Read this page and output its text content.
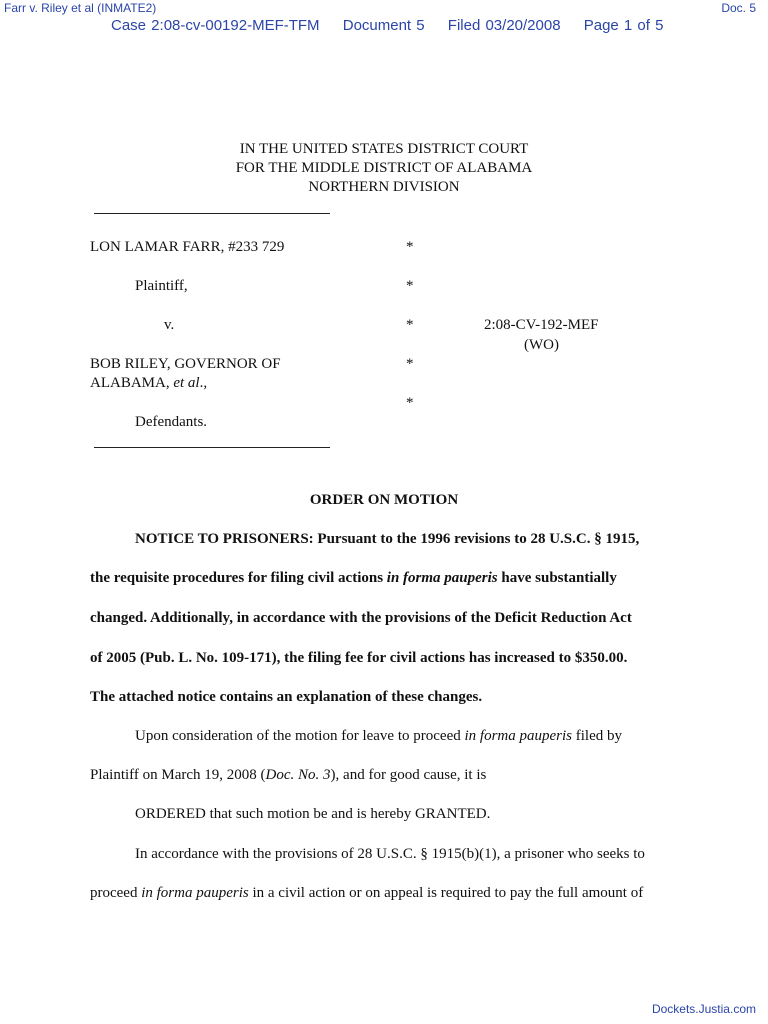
Farr v. Riley et al (INMATE2)	Doc. 5
Case 2:08-cv-00192-MEF-TFM Document 5 Filed 03/20/2008 Page 1 of 5
IN THE UNITED STATES DISTRICT COURT
FOR THE MIDDLE DISTRICT OF ALABAMA
NORTHERN DIVISION
LON LAMAR FARR, #233 729	*
Plaintiff,	*
v.	*	2:08-CV-192-MEF
(WO)
BOB RILEY, GOVERNOR OF	*
ALABAMA, et al.,
*
Defendants.
ORDER ON MOTION
NOTICE TO PRISONERS: Pursuant to the 1996 revisions to 28 U.S.C. § 1915,
the requisite procedures for filing civil actions in forma pauperis have substantially
changed. Additionally, in accordance with the provisions of the Deficit Reduction Act
of 2005 (Pub. L. No. 109-171), the filing fee for civil actions has increased to $350.00.
The attached notice contains an explanation of these changes.
Upon consideration of the motion for leave to proceed in forma pauperis filed by
Plaintiff on March 19, 2008 (Doc. No. 3), and for good cause, it is
ORDERED that such motion be and is hereby GRANTED.
In accordance with the provisions of 28 U.S.C. § 1915(b)(1), a prisoner who seeks to
proceed in forma pauperis in a civil action or on appeal is required to pay the full amount of
Dockets.Justia.com
